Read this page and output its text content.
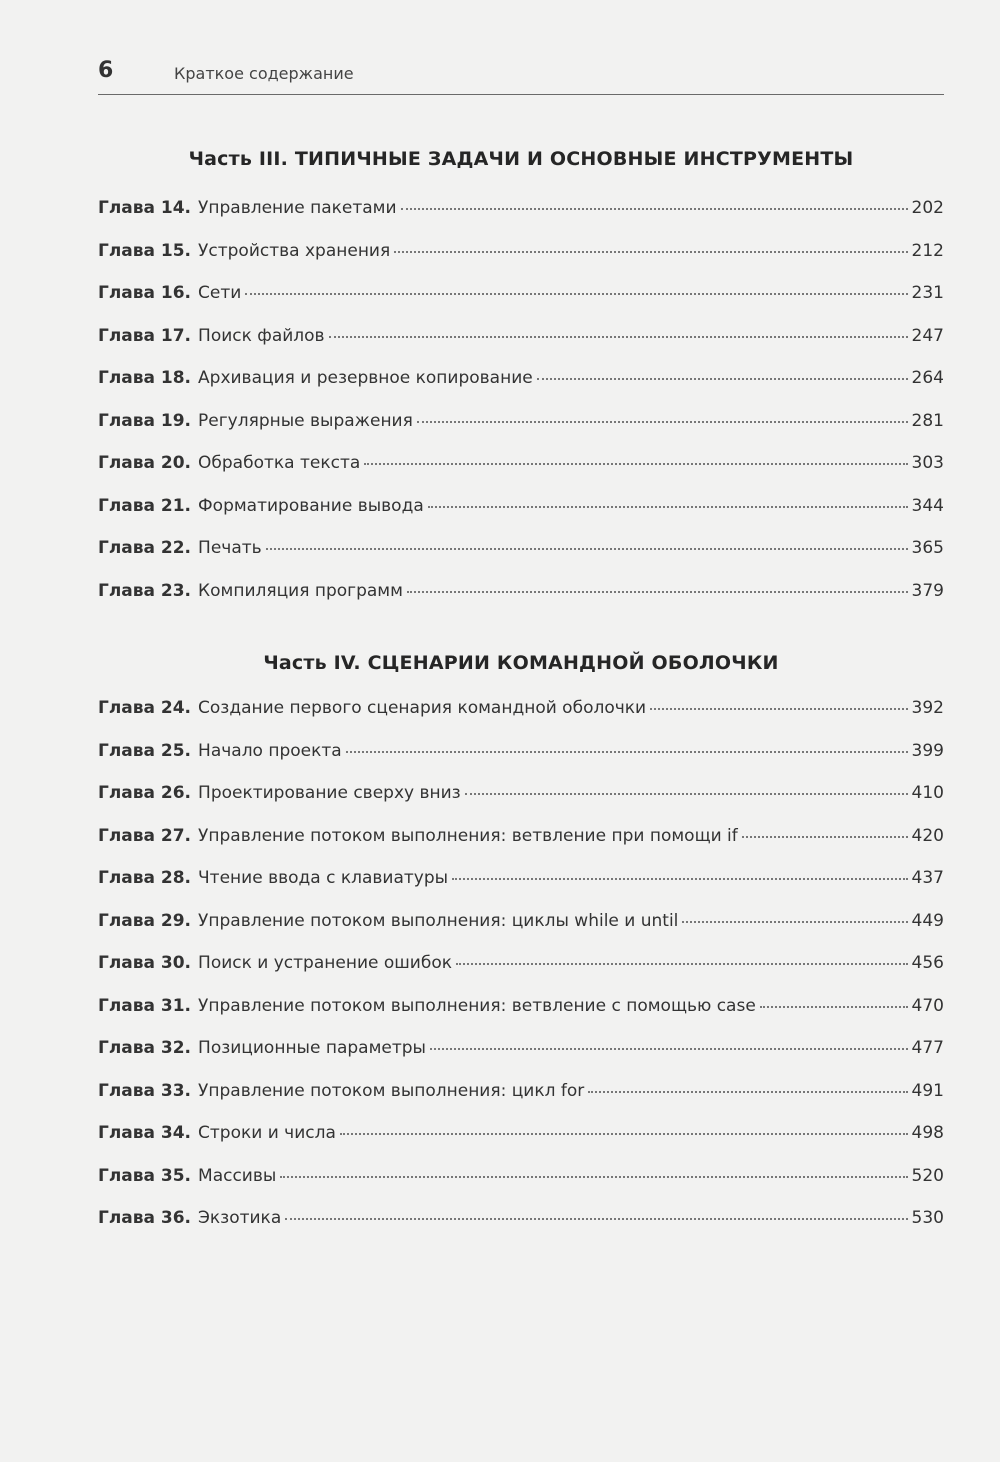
6	Краткое содержание
Часть III. ТИПИЧНЫЕ ЗАДАЧИ И ОСНОВНЫЕ ИНСТРУМЕНТЫ
Глава 14. Управление пакетами	202
Глава 15. Устройства хранения	212
Глава 16. Сети	231
Глава 17. Поиск файлов	247
Глава 18. Архивация и резервное копирование	264
Глава 19. Регулярные выражения	281
Глава 20. Обработка текста	303
Глава 21. Форматирование вывода	344
Глава 22. Печать	365
Глава 23. Компиляция программ	379
Часть IV. СЦЕНАРИИ КОМАНДНОЙ ОБОЛОЧКИ
Глава 24. Создание первого сценария командной оболочки	392
Глава 25. Начало проекта	399
Глава 26. Проектирование сверху вниз	410
Глава 27. Управление потоком выполнения: ветвление при помощи if	420
Глава 28. Чтение ввода с клавиатуры	437
Глава 29. Управление потоком выполнения: циклы while и until	449
Глава 30. Поиск и устранение ошибок	456
Глава 31. Управление потоком выполнения: ветвление с помощью case	470
Глава 32. Позиционные параметры	477
Глава 33. Управление потоком выполнения: цикл for	491
Глава 34. Строки и числа	498
Глава 35. Массивы	520
Глава 36. Экзотика	530
